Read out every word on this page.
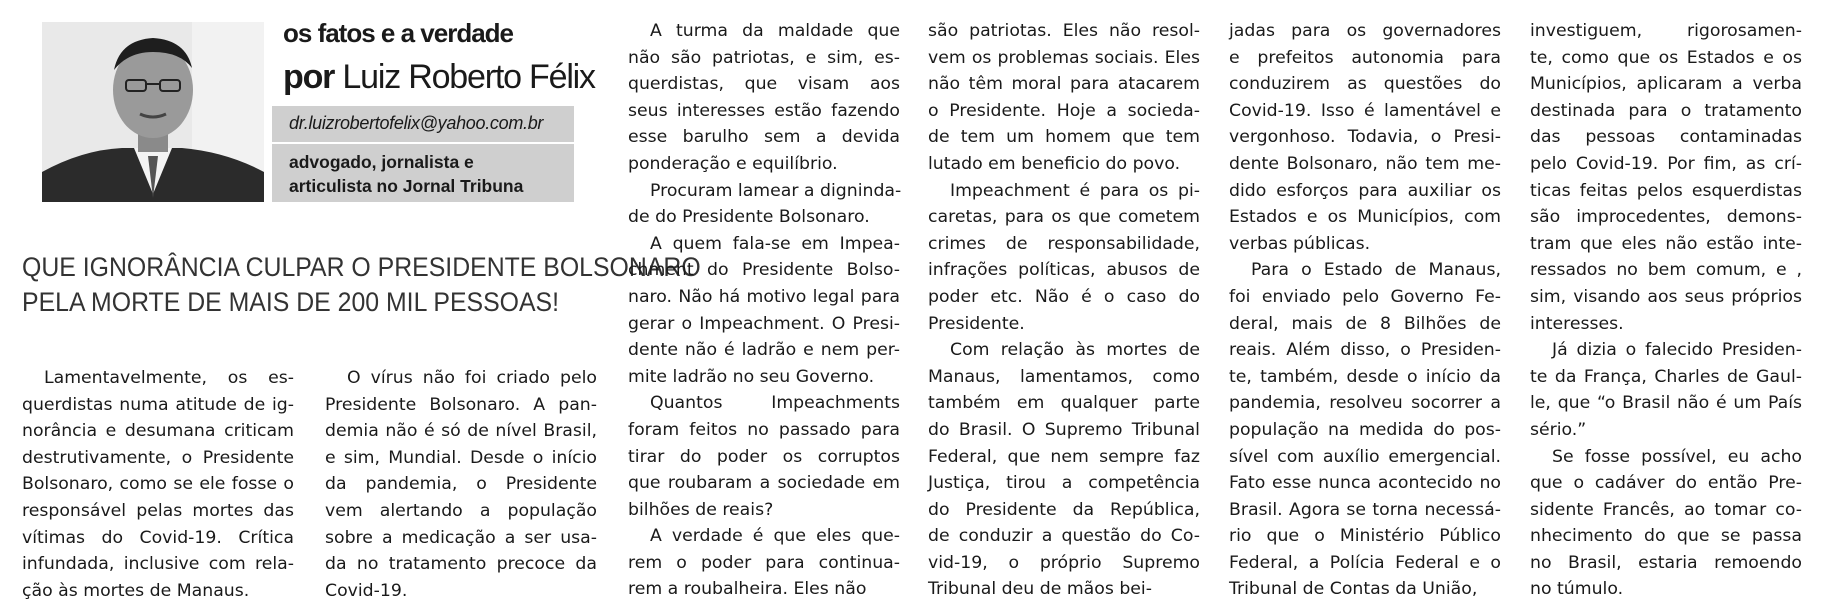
os fatos e a verdade
por Luiz Roberto Félix
dr.luizrobertofelix@yahoo.com.br
advogado, jornalista e
articulista no Jornal Tribuna
QUE IGNORÂNCIA CULPAR O PRESIDENTE BOLSONARO
PELA MORTE DE MAIS DE 200 MIL PESSOAS!
Lamentavelmente, os es-
querdistas numa atitude de ig-
norância e desumana criticam
destrutivamente, o Presidente
Bolsonaro, como se ele fosse o
responsável pelas mortes das
vítimas do Covid-19. Crítica
infundada, inclusive com rela-
ção às mortes de Manaus.
O vírus não foi criado pelo
Presidente Bolsonaro. A pan-
demia não é só de nível Brasil,
e sim, Mundial. Desde o início
da pandemia, o Presidente
vem alertando a população
sobre a medicação a ser usa-
da no tratamento precoce da
Covid-19.
A turma da maldade que
não são patriotas, e sim, es-
querdistas, que visam aos
seus interesses estão fazendo
esse barulho sem a devida
ponderação e equilíbrio.
Procuram lamear a digninda-
de do Presidente Bolsonaro.
A quem fala-se em Impea-
chment do Presidente Bolso-
naro. Não há motivo legal para
gerar o Impeachment. O Presi-
dente não é ladrão e nem per-
mite ladrão no seu Governo.
Quantos Impeachments
foram feitos no passado para
tirar do poder os corruptos
que roubaram a sociedade em
bilhões de reais?
A verdade é que eles que-
rem o poder para continua-
rem a roubalheira. Eles não
são patriotas. Eles não resol-
vem os problemas sociais. Eles
não têm moral para atacarem
o Presidente. Hoje a socieda-
de tem um homem que tem
lutado em beneficio do povo.
Impeachment é para os pi-
caretas, para os que cometem
crimes de responsabilidade,
infrações políticas, abusos de
poder etc. Não é o caso do
Presidente.
Com relação às mortes de
Manaus, lamentamos, como
também em qualquer parte
do Brasil. O Supremo Tribunal
Federal, que nem sempre faz
Justiça, tirou a competência
do Presidente da República,
de conduzir a questão do Co-
vid-19, o próprio Supremo
Tribunal deu de mãos bei-
jadas para os governadores
e prefeitos autonomia para
conduzirem as questões do
Covid-19. Isso é lamentável e
vergonhoso. Todavia, o Presi-
dente Bolsonaro, não tem me-
dido esforços para auxiliar os
Estados e os Municípios, com
verbas públicas.
Para o Estado de Manaus,
foi enviado pelo Governo Fe-
deral, mais de 8 Bilhões de
reais. Além disso, o Presiden-
te, também, desde o início da
pandemia, resolveu socorrer a
população na medida do pos-
sível com auxílio emergencial.
Fato esse nunca acontecido no
Brasil. Agora se torna necessá-
rio que o Ministério Público
Federal, a Polícia Federal e o
Tribunal de Contas da União,
investiguem, rigorosamen-
te, como que os Estados e os
Municípios, aplicaram a verba
destinada para o tratamento
das pessoas contaminadas
pelo Covid-19. Por fim, as crí-
ticas feitas pelos esquerdistas
são improcedentes, demons-
tram que eles não estão inte-
ressados no bem comum, e ,
sim, visando aos seus próprios
interesses.
Já dizia o falecido Presiden-
te da França, Charles de Gaul-
le, que “o Brasil não é um País
sério.”
Se fosse possível, eu acho
que o cadáver do então Pre-
sidente Francês, ao tomar co-
nhecimento do que se passa
no Brasil, estaria remoendo
no túmulo.
